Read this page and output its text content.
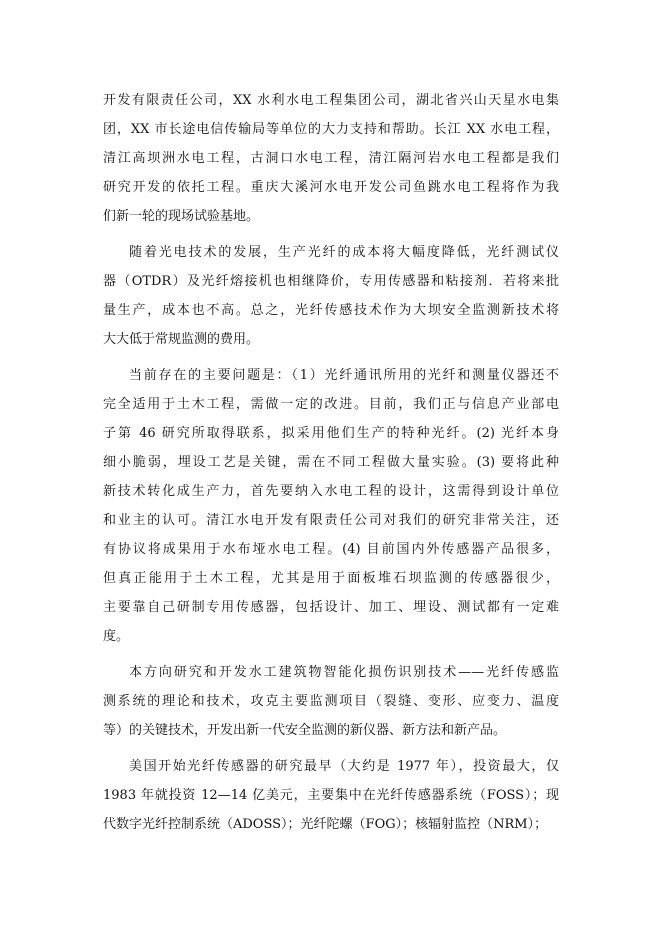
开发有限责任公司，XX 水利水电工程集团公司，湖北省兴山天星水电集
团，XX 市长途电信传输局等单位的大力支持和帮助。长江 XX 水电工程，
清江高坝洲水电工程，古洞口水电工程，清江隔河岩水电工程都是我们
研究开发的依托工程。重庆大溪河水电开发公司鱼跳水电工程将作为我
们新一轮的现场试验基地。
随着光电技术的发展，生产光纤的成本将大幅度降低，光纤测试仪
器（OTDR）及光纤熔接机也相继降价，专用传感器和粘接剂．若将来批
量生产，成本也不高。总之，光纤传感技术作为大坝安全监测新技术将
大大低于常规监测的费用。
当前存在的主要问题是：（1）光纤通讯所用的光纤和测量仪器还不
完全适用于土木工程，需做一定的改进。目前，我们正与信息产业部电
子第 46 研究所取得联系，拟采用他们生产的特种光纤。(2) 光纤本身
细小脆弱，埋设工艺是关键，需在不同工程做大量实验。(3) 要将此种
新技术转化成生产力，首先要纳入水电工程的设计，这需得到设计单位
和业主的认可。清江水电开发有限责任公司对我们的研究非常关注，还
有协议将成果用于水布垭水电工程。(4) 目前国内外传感器产品很多，
但真正能用于土木工程，尤其是用于面板堆石坝监测的传感器很少，
主要靠自己研制专用传感器，包括设计、加工、埋设、测试都有一定难
度。
本方向研究和开发水工建筑物智能化损伤识别技术——光纤传感监
测系统的理论和技术，攻克主要监测项目（裂缝、变形、应变力、温度
等）的关键技术，开发出新一代安全监测的新仪器、新方法和新产品。
美国开始光纤传感器的研究最早（大约是 1977 年），投资最大，仅
1983 年就投资 12—14 亿美元，主要集中在光纤传感器系统（FOSS）；现
代数字光纤控制系统（ADOSS）；光纤陀螺（FOG）；核辐射监控（NRM）；
